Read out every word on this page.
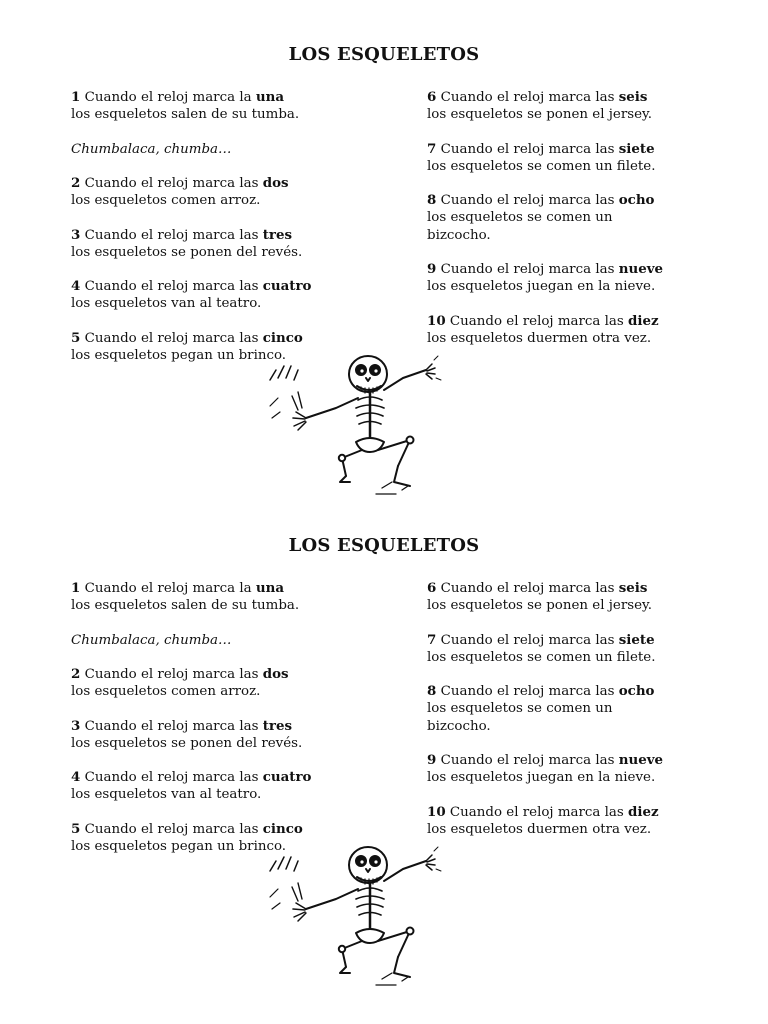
LOS ESQUELETOS
1 Cuando el reloj marca la una
los esqueletos salen de su tumba.
Chumbalaca, chumba…
2 Cuando el reloj marca las dos
los esqueletos comen arroz.
3 Cuando el reloj marca las tres
los esqueletos se ponen del revés.
4 Cuando el reloj marca las cuatro
los esqueletos van al teatro.
5 Cuando el reloj marca las cinco
los esqueletos pegan un brinco.
6 Cuando el reloj marca las seis
los esqueletos se ponen el jersey.
7 Cuando el reloj marca las siete
los esqueletos se comen un filete.
8 Cuando el reloj marca las ocho
los esqueletos se comen un
bizcocho.
9 Cuando el reloj marca las nueve
los esqueletos juegan en la nieve.
10 Cuando el reloj marca las diez
los esqueletos duermen otra vez.
LOS ESQUELETOS
1 Cuando el reloj marca la una
los esqueletos salen de su tumba.
Chumbalaca, chumba…
2 Cuando el reloj marca las dos
los esqueletos comen arroz.
3 Cuando el reloj marca las tres
los esqueletos se ponen del revés.
4 Cuando el reloj marca las cuatro
los esqueletos van al teatro.
5 Cuando el reloj marca las cinco
los esqueletos pegan un brinco.
6 Cuando el reloj marca las seis
los esqueletos se ponen el jersey.
7 Cuando el reloj marca las siete
los esqueletos se comen un filete.
8 Cuando el reloj marca las ocho
los esqueletos se comen un
bizcocho.
9 Cuando el reloj marca las nueve
los esqueletos juegan en la nieve.
10 Cuando el reloj marca las diez
los esqueletos duermen otra vez.
